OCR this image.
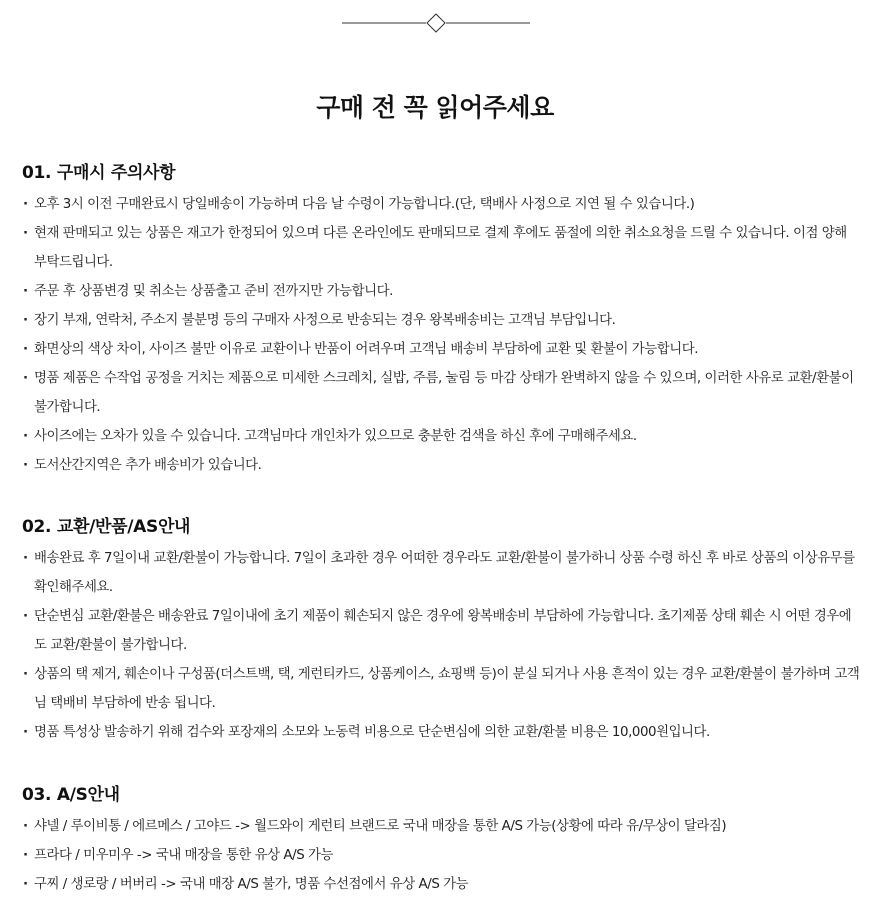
구매 전 꼭 읽어주세요
01. 구매시 주의사항
· 오후 3시 이전 구매완료시 당일배송이 가능하며 다음 날 수령이 가능합니다.(단, 택배사 사정으로 지연 될 수 있습니다.)
· 현재 판매되고 있는 상품은 재고가 한정되어 있으며 다른 온라인에도 판매되므로 결제 후에도 품절에 의한 취소요청을 드릴 수 있습니다. 이점 양해 부탁드립니다.
· 주문 후 상품변경 및 취소는 상품출고 준비 전까지만 가능합니다.
· 장기 부재, 연락처, 주소지 불분명 등의 구매자 사정으로 반송되는 경우 왕복배송비는 고객님 부담입니다.
· 화면상의 색상 차이, 사이즈 불만 이유로 교환이나 반품이 어려우며 고객님 배송비 부담하에 교환 및 환불이 가능합니다.
· 명품 제품은 수작업 공정을 거치는 제품으로 미세한 스크레치, 실밥, 주름, 눌림 등 마감 상태가 완벽하지 않을 수 있으며, 이러한 사유로 교환/환불이 불가합니다.
· 사이즈에는 오차가 있을 수 있습니다. 고객님마다 개인차가 있으므로 충분한 검색을 하신 후에 구매해주세요.
· 도서산간지역은 추가 배송비가 있습니다.
02. 교환/반품/AS안내
· 배송완료 후 7일이내 교환/환불이 가능합니다. 7일이 초과한 경우 어떠한 경우라도 교환/환불이 불가하니 상품 수령 하신 후 바로 상품의 이상유무를 확인해주세요.
· 단순변심 교환/환불은 배송완료 7일이내에 초기 제품이 훼손되지 않은 경우에 왕복배송비 부담하에 가능합니다. 초기제품 상태 훼손 시 어떤 경우에도 교환/환불이 불가합니다.
· 상품의 택 제거, 훼손이나 구성품(더스트백, 택, 게런티카드, 상품케이스, 쇼핑백 등)이 분실 되거나 사용 흔적이 있는 경우 교환/환불이 불가하며 고객님 택배비 부담하에 반송 됩니다.
· 명품 특성상 발송하기 위해 검수와 포장재의 소모와 노동력 비용으로 단순변심에 의한 교환/환불 비용은 10,000원입니다.
03. A/S안내
· 샤넬 / 루이비통 / 에르메스 / 고야드 -> 월드와이 게런티 브랜드로 국내 매장을 통한 A/S 가능(상황에 따라 유/무상이 달라짐)
· 프라다 / 미우미우 -> 국내 매장을 통한 유상 A/S 가능
· 구찌 / 생로랑 / 버버리 -> 국내 매장 A/S 불가, 명품 수선점에서 유상 A/S 가능
